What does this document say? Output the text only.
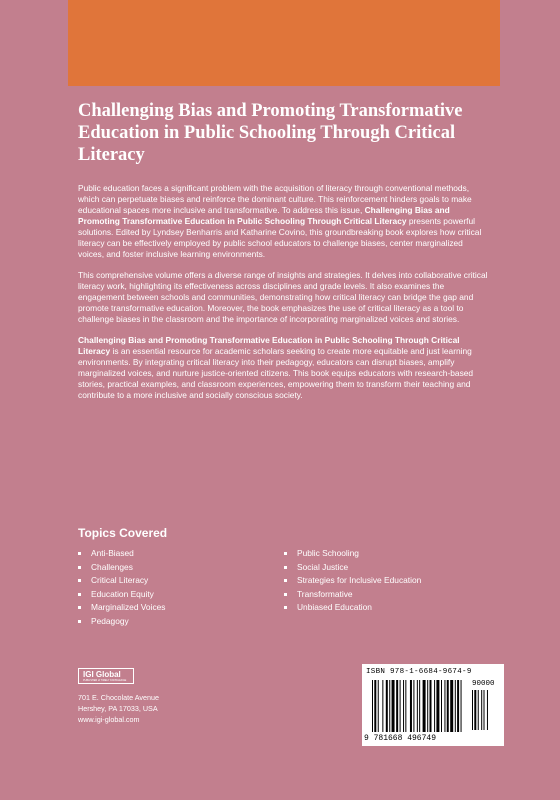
Challenging Bias and Promoting Transformative Education in Public Schooling Through Critical Literacy

Public education faces a significant problem with the acquisition of literacy through conventional methods, which can perpetuate biases and reinforce the dominant culture. This reinforcement hinders goals to make educational spaces more inclusive and transformative. To address this issue, Challenging Bias and Promoting Transformative Education in Public Schooling Through Critical Literacy presents powerful solutions. Edited by Lyndsey Benharris and Katharine Covino, this groundbreaking book explores how critical literacy can be effectively employed by public school educators to challenge biases, center marginalized voices, and foster inclusive learning environments.

This comprehensive volume offers a diverse range of insights and strategies. It delves into collaborative critical literacy work, highlighting its effectiveness across disciplines and grade levels. It also examines the engagement between schools and communities, demonstrating how critical literacy can bridge the gap and promote transformative education. Moreover, the book emphasizes the use of critical literacy as a tool to challenge biases in the classroom and the importance of incorporating marginalized voices and stories.

Challenging Bias and Promoting Transformative Education in Public Schooling Through Critical Literacy is an essential resource for academic scholars seeking to create more equitable and just learning environments. By integrating critical literacy into their pedagogy, educators can disrupt biases, amplify marginalized voices, and nurture justice-oriented citizens. This book equips educators with research-based stories, practical examples, and classroom experiences, empowering them to transform their teaching and contribute to a more inclusive and socially conscious society.

Topics Covered
Anti-Biased
Challenges
Critical Literacy
Education Equity
Marginalized Voices
Pedagogy
Public Schooling
Social Justice
Strategies for Inclusive Education
Transformative
Unbiased Education
IGI Global
PUBLISHER of TIMELY KNOWLEDGE
701 E. Chocolate Avenue
Hershey, PA 17033, USA
www.igi-global.com
ISBN 978-1-6684-9674-9
90000
9 781668 496749
